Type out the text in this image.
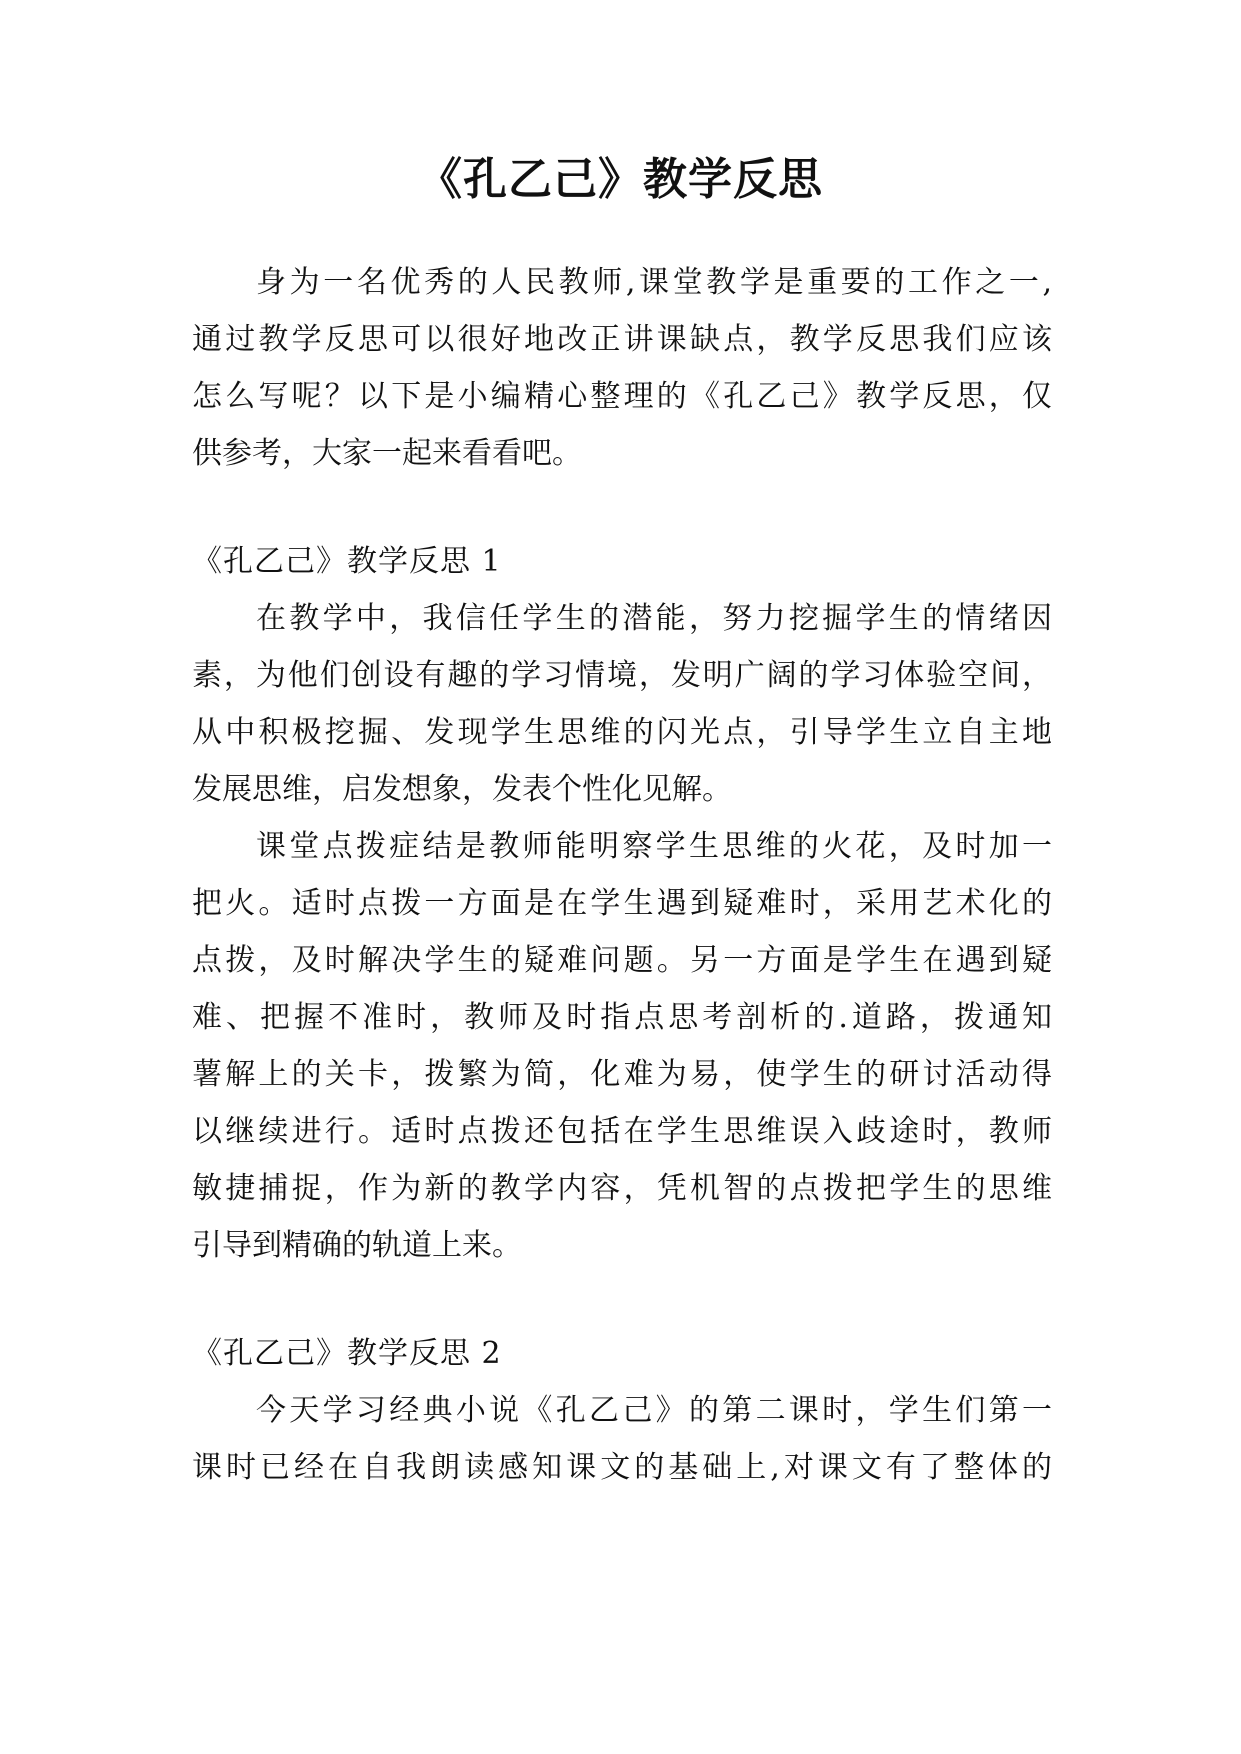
《孔乙己》教学反思
身为一名优秀的人民教师,课堂教学是重要的工作之一,
通过教学反思可以很好地改正讲课缺点，教学反思我们应该
怎么写呢？以下是小编精心整理的《孔乙己》教学反思，仅
供参考，大家一起来看看吧。
《孔乙己》教学反思 1
在教学中，我信任学生的潜能，努力挖掘学生的情绪因
素，为他们创设有趣的学习情境，发明广阔的学习体验空间，
从中积极挖掘、发现学生思维的闪光点，引导学生立自主地
发展思维，启发想象，发表个性化见解。
课堂点拨症结是教师能明察学生思维的火花，及时加一
把火。适时点拨一方面是在学生遇到疑难时，采用艺术化的
点拨，及时解决学生的疑难问题。另一方面是学生在遇到疑
难、把握不准时，教师及时指点思考剖析的.道路，拨通知
薯解上的关卡，拨繁为简，化难为易，使学生的研讨活动得
以继续进行。适时点拨还包括在学生思维误入歧途时，教师
敏捷捕捉，作为新的教学内容，凭机智的点拨把学生的思维
引导到精确的轨道上来。
《孔乙己》教学反思 2
今天学习经典小说《孔乙己》的第二课时，学生们第一
课时已经在自我朗读感知课文的基础上,对课文有了整体的
